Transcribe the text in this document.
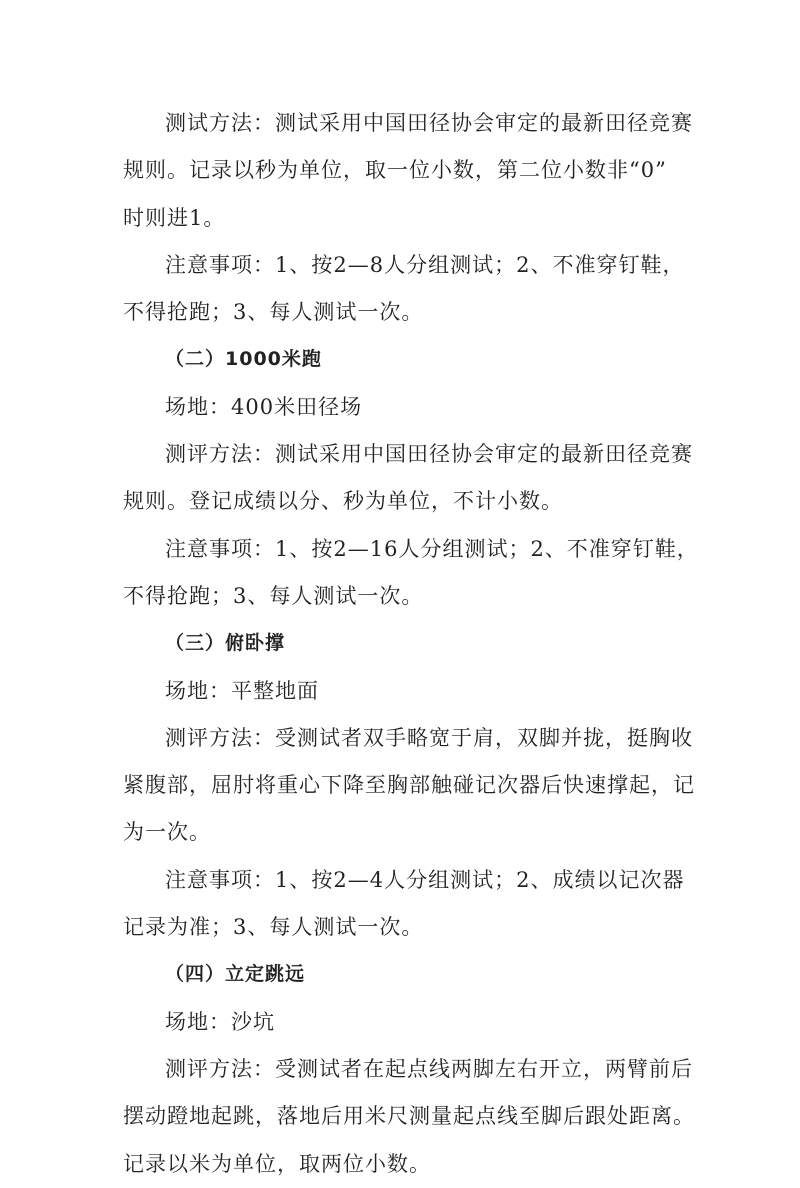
测试方法：测试采用中国田径协会审定的最新田径竞赛
规则。记录以秒为单位，取一位小数，第二位小数非“0”
时则进1。
注意事项：1、按2—8人分组测试；2、不准穿钉鞋，
不得抢跑；3、每人测试一次。
（二）1000米跑
场地：400米田径场
测评方法：测试采用中国田径协会审定的最新田径竞赛
规则。登记成绩以分、秒为单位，不计小数。
注意事项：1、按2—16人分组测试；2、不准穿钉鞋，
不得抢跑；3、每人测试一次。
（三）俯卧撑
场地：平整地面
测评方法：受测试者双手略宽于肩，双脚并拢，挺胸收
紧腹部，屈肘将重心下降至胸部触碰记次器后快速撑起，记
为一次。
注意事项：1、按2—4人分组测试；2、成绩以记次器
记录为准；3、每人测试一次。
（四）立定跳远
场地：沙坑
测评方法：受测试者在起点线两脚左右开立，两臂前后
摆动蹬地起跳，落地后用米尺测量起点线至脚后跟处距离。
记录以米为单位，取两位小数。
